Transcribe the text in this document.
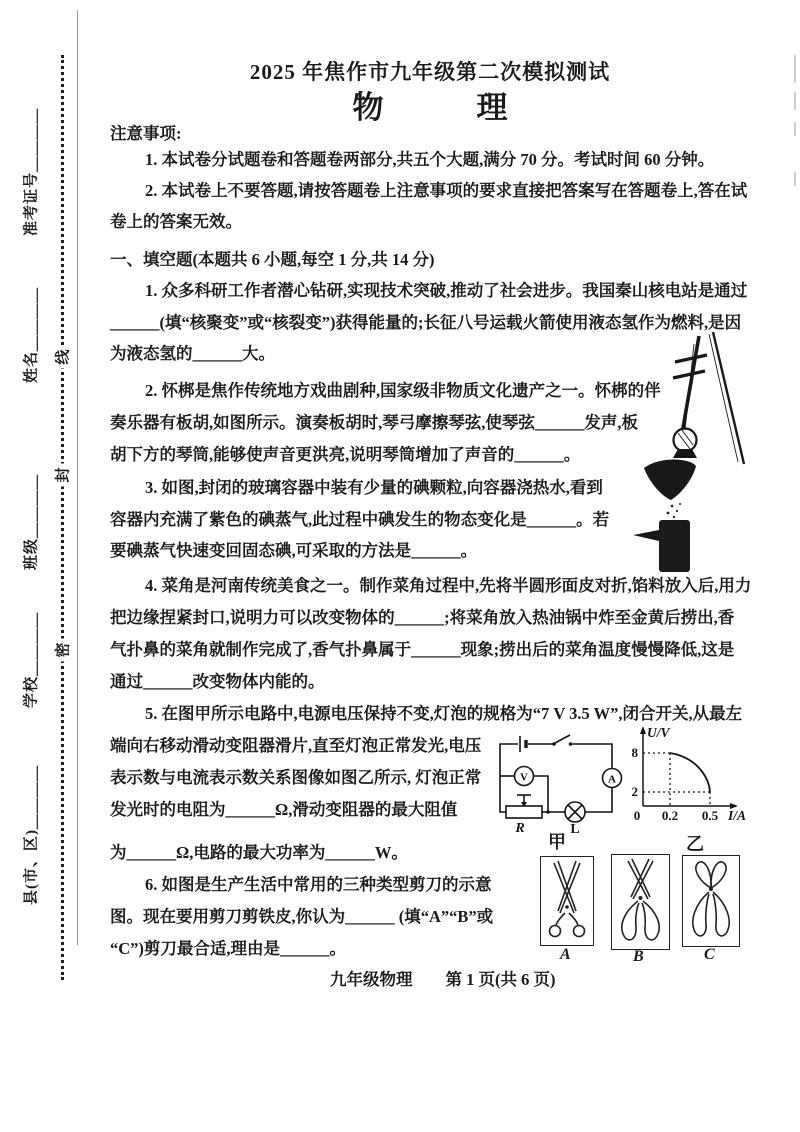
准考证号＿＿＿＿
姓名＿＿＿＿
班级＿＿＿＿
学校＿＿＿＿
县(市、区)＿＿＿＿
线
封
密
2025 年焦作市九年级第二次模拟测试
物　　　理
注意事项:
1. 本试卷分试题卷和答题卷两部分,共五个大题,满分 70 分。考试时间 60 分钟。
2. 本试卷上不要答题,请按答题卷上注意事项的要求直接把答案写在答题卷上,答在试
卷上的答案无效。
一、填空题(本题共 6 小题,每空 1 分,共 14 分)
1. 众多科研工作者潜心钻研,实现技术突破,推动了社会进步。我国秦山核电站是通过
______(填“核聚变”或“核裂变”)获得能量的;长征八号运载火箭使用液态氢作为燃料,是因
为液态氢的______大。
2. 怀梆是焦作传统地方戏曲剧种,国家级非物质文化遗产之一。怀梆的伴
奏乐器有板胡,如图所示。演奏板胡时,琴弓摩擦琴弦,使琴弦______发声,板
胡下方的琴筒,能够使声音更洪亮,说明琴筒增加了声音的______。
3. 如图,封闭的玻璃容器中装有少量的碘颗粒,向容器浇热水,看到
容器内充满了紫色的碘蒸气,此过程中碘发生的物态变化是______。若
要碘蒸气快速变回固态碘,可采取的方法是______。
4. 菜角是河南传统美食之一。制作菜角过程中,先将半圆形面皮对折,馅料放入后,用力
把边缘捏紧封口,说明力可以改变物体的______;将菜角放入热油锅中炸至金黄后捞出,香
气扑鼻的菜角就制作完成了,香气扑鼻属于______现象;捞出后的菜角温度慢慢降低,这是
通过______改变物体内能的。
5. 在图甲所示电路中,电源电压保持不变,灯泡的规格为“7 V 3.5 W”,闭合开关,从最左
端向右移动滑动变阻器滑片,直至灯泡正常发光,电压
表示数与电流表示数关系图像如图乙所示, 灯泡正常
发光时的电阻为______Ω,滑动变阻器的最大阻值
为______Ω,电路的最大功率为______W。
6. 如图是生产生活中常用的三种类型剪刀的示意
图。现在要用剪刀剪铁皮,你认为______ (填“A”“B”或
“C”)剪刀最合适,理由是______。
V	A
R	L
甲
U/V
I/A
8
2
0 0.2 0.5
乙
A	B	C
九年级物理　　第 1 页(共 6 页)
